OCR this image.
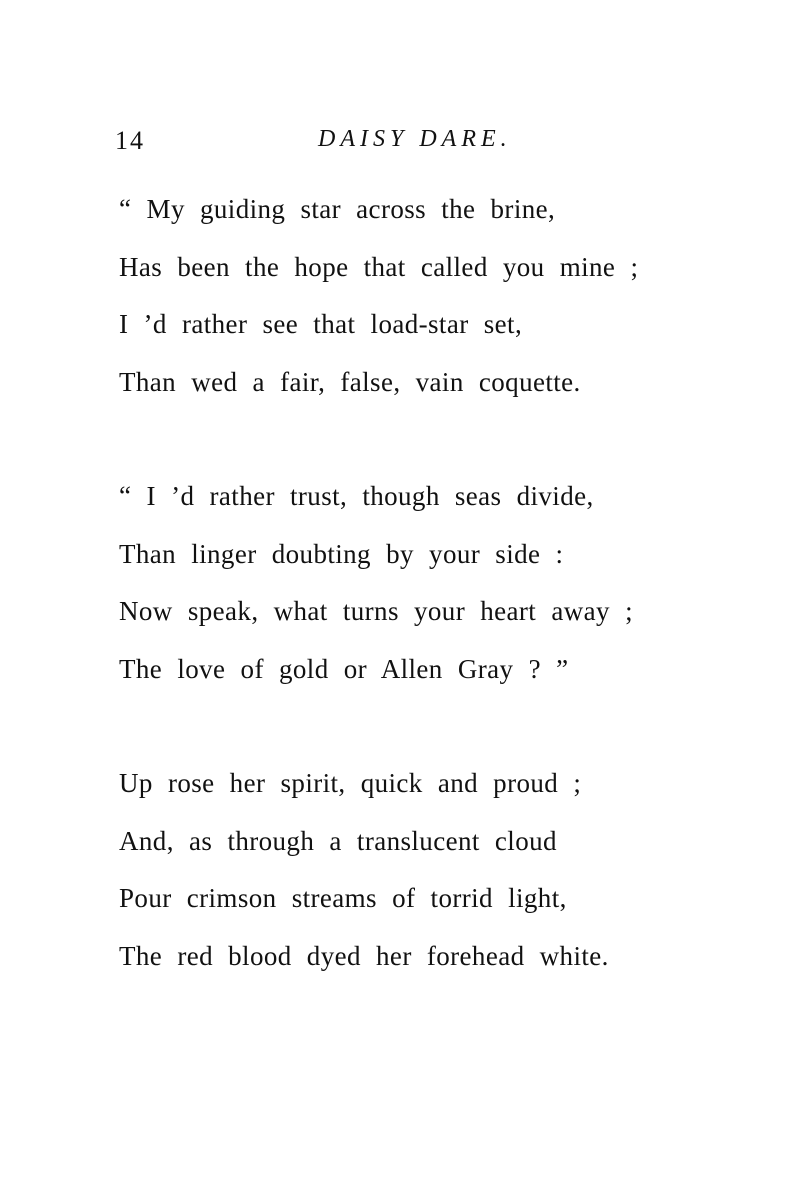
14	DAISY DARE.
“ My guiding star across the brine,
Has been the hope that called you mine ;
I ’d rather see that load-star set,
Than wed a fair, false, vain coquette.
“ I ’d rather trust, though seas divide,
Than linger doubting by your side :
Now speak, what turns your heart away ;
The love of gold or Allen Gray ? ”
Up rose her spirit, quick and proud ;
And, as through a translucent cloud
Pour crimson streams of torrid light,
The red blood dyed her forehead white.
